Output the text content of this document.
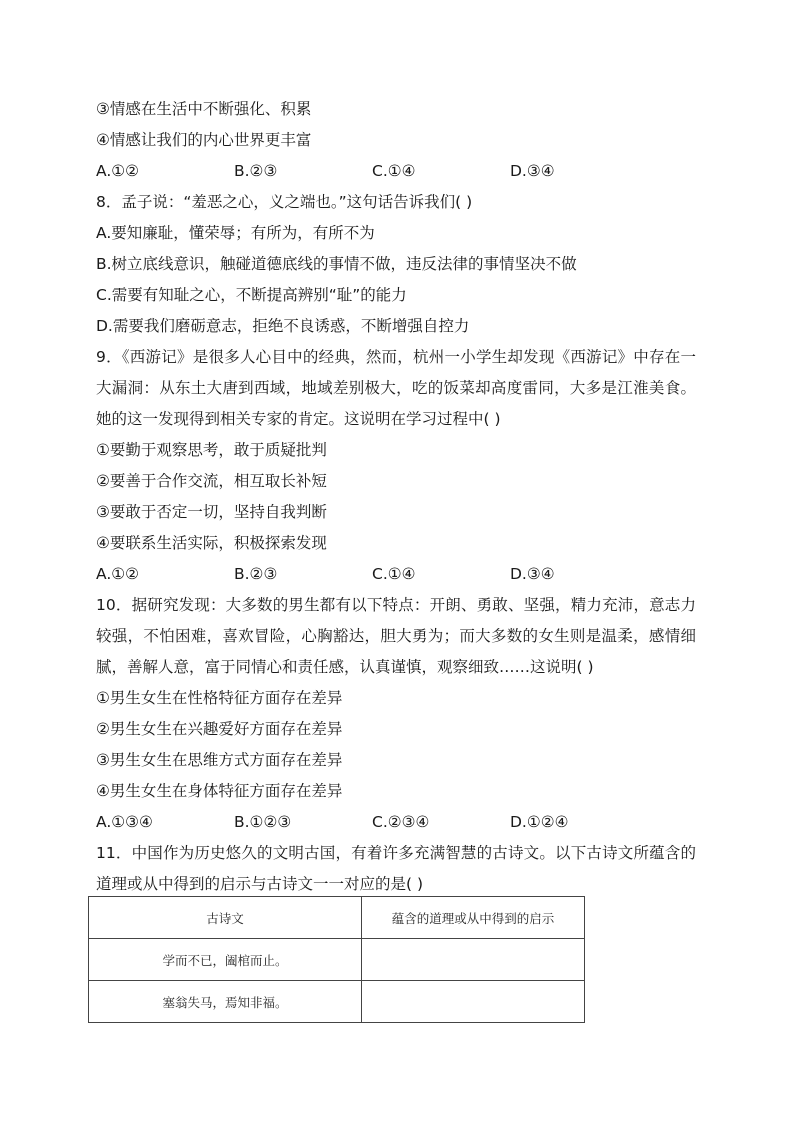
③情感在生活中不断强化、积累
④情感让我们的内心世界更丰富
A.①②	B.②③	C.①④	D.③④
8．孟子说：“羞恶之心，义之端也。”这句话告诉我们( )
A.要知廉耻，懂荣辱；有所为，有所不为
B.树立底线意识，触碰道德底线的事情不做，违反法律的事情坚决不做
C.需要有知耻之心，不断提高辨别“耻”的能力
D.需要我们磨砺意志，拒绝不良诱惑，不断增强自控力
9．《西游记》是很多人心目中的经典，然而，杭州一小学生却发现《西游记》中存在一大漏洞：从东土大唐到西域，地域差别极大，吃的饭菜却高度雷同，大多是江淮美食。她的这一发现得到相关专家的肯定。这说明在学习过程中( )
①要勤于观察思考，敢于质疑批判
②要善于合作交流，相互取长补短
③要敢于否定一切，坚持自我判断
④要联系生活实际，积极探索发现
A.①②	B.②③	C.①④	D.③④
10．据研究发现：大多数的男生都有以下特点：开朗、勇敢、坚强，精力充沛，意志力较强，不怕困难，喜欢冒险，心胸豁达，胆大勇为；而大多数的女生则是温柔，感情细腻，善解人意，富于同情心和责任感，认真谨慎，观察细致……这说明( )
①男生女生在性格特征方面存在差异
②男生女生在兴趣爱好方面存在差异
③男生女生在思维方式方面存在差异
④男生女生在身体特征方面存在差异
A.①③④	B.①②③	C.②③④	D.①②④
11．中国作为历史悠久的文明古国，有着许多充满智慧的古诗文。以下古诗文所蕴含的道理或从中得到的启示与古诗文一一对应的是( )
古诗文	蕴含的道理或从中得到的启示
学而不已，阖棺而止。	
塞翁失马，焉知非福。	
